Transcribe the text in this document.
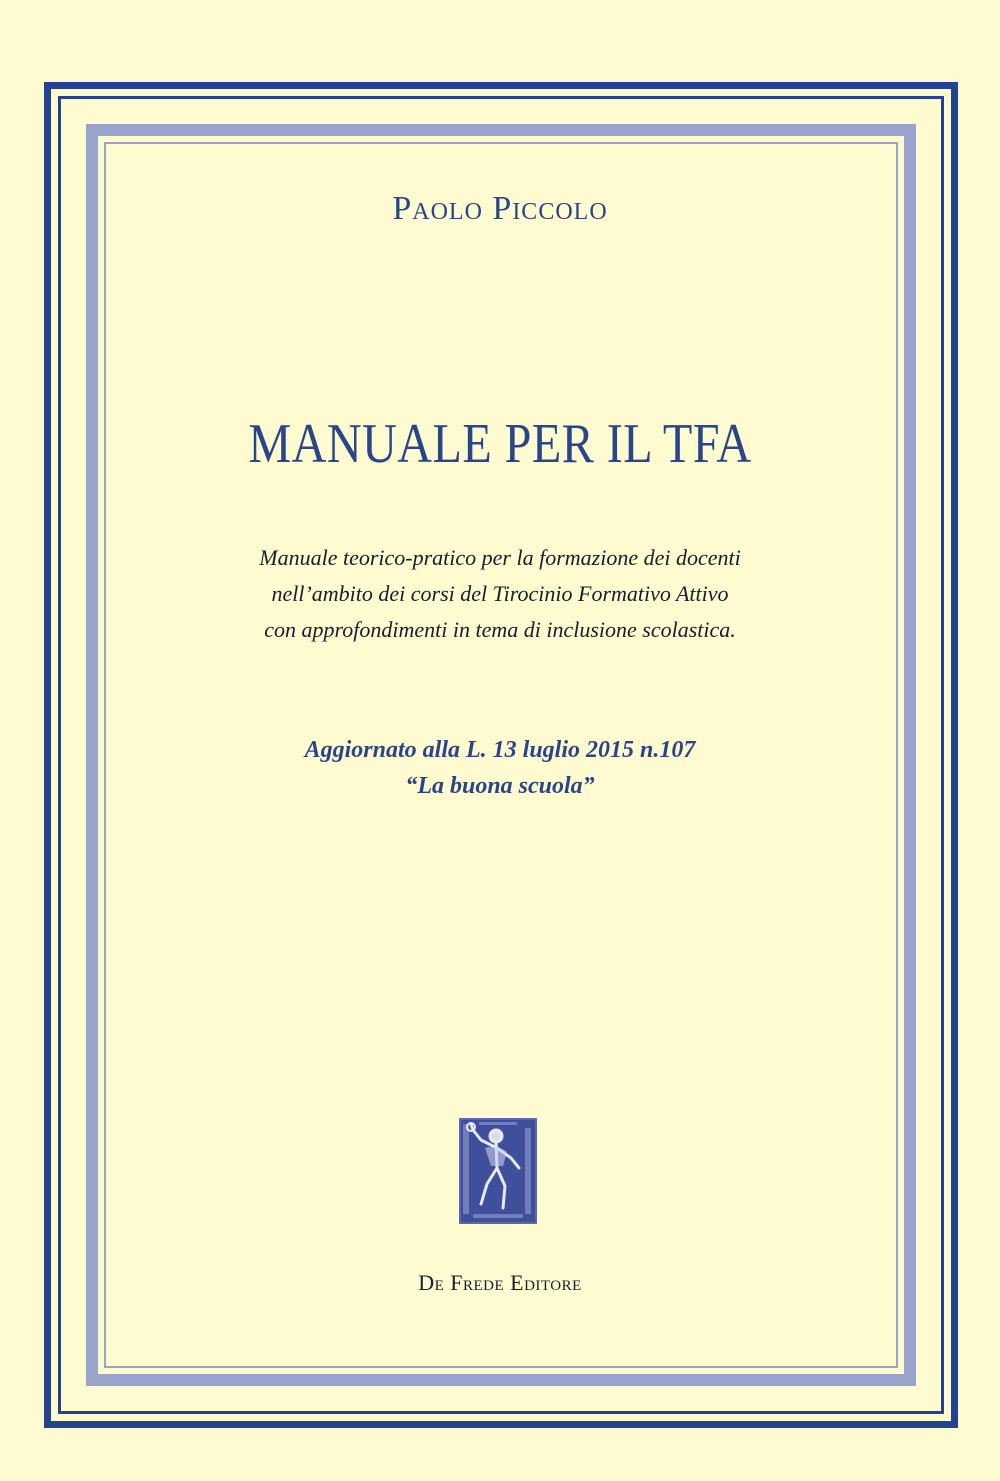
Paolo Piccolo
MANUALE PER IL TFA
Manuale teorico-pratico per la formazione dei docenti
nell’ambito dei corsi del Tirocinio Formativo Attivo
con approfondimenti in tema di inclusione scolastica.
Aggiornato alla L. 13 luglio 2015 n.107
“La buona scuola”
De Frede Editore
